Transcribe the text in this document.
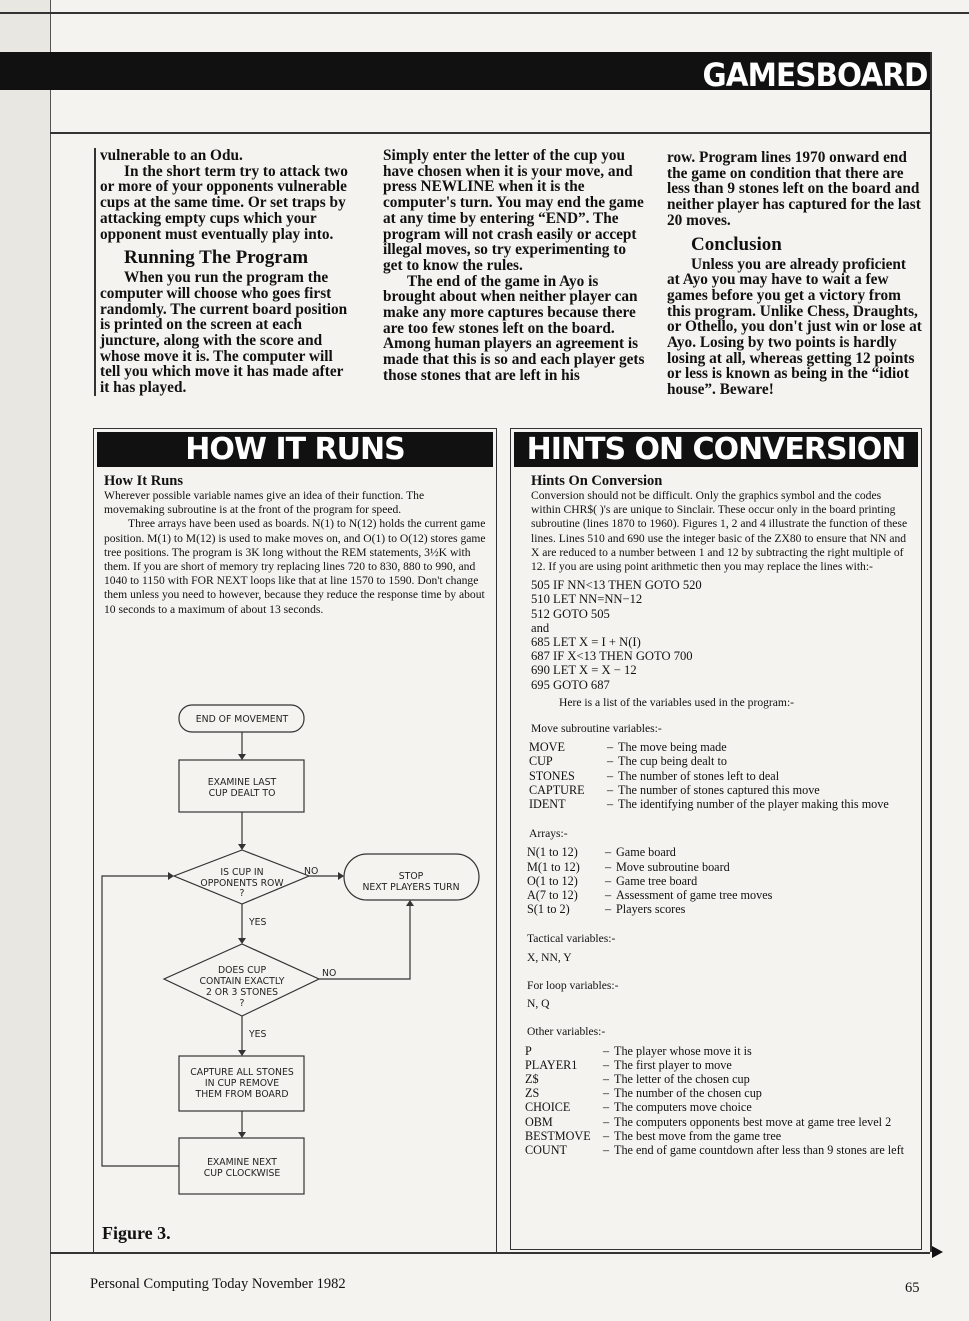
GAMESBOARD

vulnerable to an Odu.

In the short term try to attack two or more of your opponents vulnerable cups at the same time. Or set traps by attacking empty cups which your opponent must eventually play into.

Running The Program

When you run the program the computer will choose who goes first randomly. The current board position is printed on the screen at each juncture, along with the score and whose move it is. The computer will tell you which move it has made after it has played.

Simply enter the letter of the cup you have chosen when it is your move, and press NEWLINE when it is the computer's turn. You may end the game at any time by entering “END”. The program will not crash easily or accept illegal moves, so try experimenting to get to know the rules.

The end of the game in Ayo is brought about when neither player can make any more captures because there are too few stones left on the board. Among human players an agreement is made that this is so and each player gets those stones that are left in his

row. Program lines 1970 onward end the game on condition that there are less than 9 stones left on the board and neither player has captured for the last 20 moves.

Conclusion

Unless you are already proficient at Ayo you may have to wait a few games before you get a victory from this program. Unlike Chess, Draughts, or Othello, you don't just win or lose at Ayo. Losing by two points is hardly losing at all, whereas getting 12 points or less is known as being in the “idiot house”. Beware!

HOW IT RUNS
How It Runs

Wherever possible variable names give an idea of their function. The movemaking subroutine is at the front of the program for speed.

Three arrays have been used as boards. N(1) to N(12) holds the current game position. M(1) to M(12) is used to make moves on, and O(1) to O(12) stores game tree positions. The program is 3K long without the REM statements, 3½K with them. If you are short of memory try replacing lines 720 to 830, 880 to 990, and 1040 to 1150 with FOR NEXT loops like that at line 1570 to 1590. Don't change them unless you need to however, because they reduce the response time by about 10 seconds to a maximum of about 13 seconds.

END OF MOVEMENT
EXAMINE LAST
CUP DEALT TO
IS CUP IN
OPPONENTS ROW
?
NO	STOP
NEXT PLAYERS TURN
YES
DOES CUP
CONTAIN EXACTLY
2 OR 3 STONES
?
NO
YES
CAPTURE ALL STONES
IN CUP REMOVE
THEM FROM BOARD
EXAMINE NEXT
CUP CLOCKWISE
Figure 3.
HINTS ON CONVERSION
Hints On Conversion

Conversion should not be difficult. Only the graphics symbol and the codes within CHR$( )'s are unique to Sinclair. These occur only in the board printing subroutine (lines 1870 to 1960). Figures 1, 2 and 4 illustrate the function of these lines. Lines 510 and 690 use the integer basic of the ZX80 to ensure that NN and X are reduced to a number between 1 and 12 by subtracting the right multiple of 12. If you are using point arithmetic then you may replace the lines with:-

505 IF NN<13 THEN GOTO 520
510 LET NN=NN−12
512 GOTO 505
and
685 LET X = I + N(I)
687 IF X<13 THEN GOTO 700
690 LET X = X − 12
695 GOTO 687
Here is a list of the variables used in the program:-
Move subroutine variables:-
MOVE	–	The move being made
CUP	–	The cup being dealt to
STONES	–	The number of stones left to deal
CAPTURE	–	The number of stones captured this move
IDENT	–	The identifying number of the player making this move
Arrays:-
N(1 to 12)	–	Game board
M(1 to 12)	–	Move subroutine board
O(1 to 12)	–	Game tree board
A(7 to 12)	–	Assessment of game tree moves
S(1 to 2)	–	Players scores
Tactical variables:-
X, NN, Y
For loop variables:-
N, Q
Other variables:-
P	–	The player whose move it is
PLAYER1	–	The first player to move
Z$	–	The letter of the chosen cup
ZS	–	The number of the chosen cup
CHOICE	–	The computers move choice
OBM	–	The computers opponents best move at game tree level 2
BESTMOVE	–	The best move from the game tree
COUNT	–	The end of game countdown after less than 9 stones are left
Personal Computing Today November 1982	65
